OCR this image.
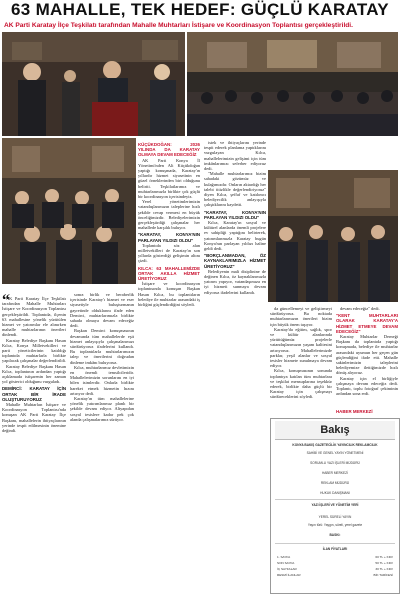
63 MAHALLE, TEK HEDEF: GÜÇLÜ KARATAY
AK Parti Karatay İlçe Teşkilatı tarafından Mahalle Muhtarları İstişare ve Koordinasyon Toplantısı gerçekleştirildi.
“

AK Parti Karatay İlçe Teşkilatı tarafından Mahalle Muhtarları İstişare ve Koordinasyon Toplantısı gerçekleştirildi. Toplantıda, ilçenin 63 mahallesine yönelik yürütülen hizmet ve yatırımlar ele alınırken mahalle muhtarlarının önerileri dinlendi.

Karatay Belediye Başkanı Hasan Kılca, Konya Milletvekilleri ve parti yöneticilerinin katıldığı toplantıda muhtarlarla birlikte yapılacak çalışmalar değerlendirildi.

Karatay Belediye Başkanı Hasan Kılca, toplantının ardından yaptığı açıklamada istişarenin her zaman yol gösterici olduğunu vurguladı.

DEMİRCİ: KARATAY İÇİN ORTAK BİR İRADE OLUŞTURUYORUZ

Mahalle Muhtarları İstişare ve Koordinasyon Toplantısı'nda konuşan AK Parti Karatay İlçe Başkanı, mahallelerin ihtiyaçlarının yerinde tespit edilmesinin önemine değindi.

sonra birlik ve beraberlik içerisinde Karatay'ı hizmet ve eser siyasetiyle buluşturmanın gayretinde olduklarını ifade eden Demirci, muhtarlarımızla birlikte sahada olmaya devam edeceğiz dedi.

Başkan Demirci konuşmasının devamında tüm mahallelerde eşit hizmet anlayışıyla çalışmalarımızı sürdürüyoruz ifadelerini kullandı. Bu toplantılarla muhtarlarımızın talep ve önerilerini doğrudan dinleme imkânı buluyoruz.

Kılca, muhtarlarımız devletimizin en önemli temsilcileridir. Mahallelerimizin sorunlarını en iyi bilen isimlerdir. Onlarla birlikte hareket etmek hizmetin hızını artırıyor dedi.

Karatay'ın tüm mahallelerine yönelik yatırımlarımız planlı bir şekilde devam ediyor. Altyapıdan sosyal tesislere kadar pek çok alanda çalışmalarımız sürüyor.

KÜÇÜKDOĞAN: 2026 YILINDA DA KARATAY OLMAYA DEVAM EDECEĞİZ

AK Parti Konya İl Yönetimi'nden Ali Küçükdoğan yaptığı konuşmada, Karatay'ın yıllardır hizmet siyasetinin en güzel örneklerinden biri olduğunu belirtti. Teşkilatlarımız ve muhtarlarımızla birlikte çok güçlü bir koordinasyon içerisindeyiz.

Yerel yönetimlerimizin vatandaşlarımızın taleplerine hızlı şekilde cevap vermesi en büyük önceliğimizdir. Belediyelerimizin gerçekleştirdiği çalışmalar her mahallede karşılık buluyor.

"KARATAY, KONYA'NIN PARLAYAN YILDIZI OLDU"

Toplantıda söz alan milletvekilleri de Karatay'ın son yıllarda gösterdiği gelişimin altını çizdi.

KILCA: 63 MAHALLEMİZDE ORTAK AKILLA HİZMET ÜRETİYORUZ

İstişare ve koordinasyon toplantısında konuşan Başkan Hasan Kılca, bu toplantıların belediye ile muhtarlar arasındaki iş birliğini güçlendirdiğini söyledi.

istek ve ihtiyaçlarını yerinde tespit ederek planlama yaptıklarını vurgulayan Kılca, mahallelerimizin gelişimi için tüm imkânlarımızı seferber ediyoruz dedi.

"Mahalle muhtarlarımız bizim sahadaki gözümüz ve kulağımızdır. Onların aktardığı her talebi titizlikle değerlendiriyoruz" diyen Kılca, şeffaf ve katılımcı belediyecilik anlayışıyla çalıştıklarını kaydetti.

"KARATAY, KONYA'NIN PARLAYAN YILDIZI OLDU"

Kılca, Karatay'ın sosyal ve kültürel alanlarda önemli projelere ev sahipliği yaptığını belirterek, yatırımlarımızla Karatay bugün Konya'nın parlayan yıldızı haline geldi dedi.

"BORÇLANMADAN, ÖZ KAYNAKLARIMIZLA HİZMET ÜRETİYORUZ"

Belediyenin mali disiplinine de değinen Kılca, öz kaynaklarımızla yatırım yapıyor, vatandaşımıza en iyi hizmeti sunmaya devam ediyoruz ifadelerini kullandı.

da güncellemeyi ve geliştirmeyi sürdürüyoruz. Bu noktada muhtarlarımızın önerileri bizim için büyük önem taşıyor.

Karatay'da eğitim, sağlık, spor ve kültür alanlarında yürüttüğümüz projelerle vatandaşlarımızın yaşam kalitesini artırıyoruz. Mahallelerimizde parklar, yeşil alanlar ve sosyal tesisler hizmete sunulmaya devam ediyor.

Kılca, konuşmasının sonunda toplantıya katılan tüm muhtarlara ve teşkilat mensuplarına teşekkür ederek, birlikte daha güçlü bir Karatay için çalışmayı sürdüreceklerini söyledi.

devam edeceğiz" dedi.

"KENT MUHTARLARI OLARAK KARATAY'A HİZMET ETMEYE DEVAM EDECEĞİZ"

Karatay Muhtarlar Derneği Başkanı da toplantıda yaptığı konuşmada, belediye ile muhtarlar arasındaki uyumun her geçen gün güçlendiğini ifade etti. Mahalle sakinlerimizin taleplerini belediyemize ilettiğimizde hızlı dönüş alıyoruz.

Karatay için el birliğiyle çalışmaya devam edeceğiz dedi. Toplantı, toplu fotoğraf çekiminin ardından sona erdi.

HABER MERKEZİ
Bakış
KONYA BAKIŞ GAZETECİLİK YAYINCILIK REKLAMCILIK
SAHİBİ VE GENEL YAYIN YÖNETMENİ
SORUMLU YAZI İŞLERİ MÜDÜRÜ
HABER MERKEZİ
REKLAM MÜDÜRÜ
HUKUK DANIŞMANI
YAZI İŞLERİ VE YÖNETİM YERİ
YEREL SÜRELİ YAYIN
Yayın türü: Yaygın, süreli, yerel gazete
BASKI:
İLAN FİYATLARI
1. SAYFA	60 TL + KDV
SON SAYFA	50 TL + KDV
İÇ SAYFALAR	30 TL + KDV
RESMİ İLANLAR	BİK TARİFESİ
